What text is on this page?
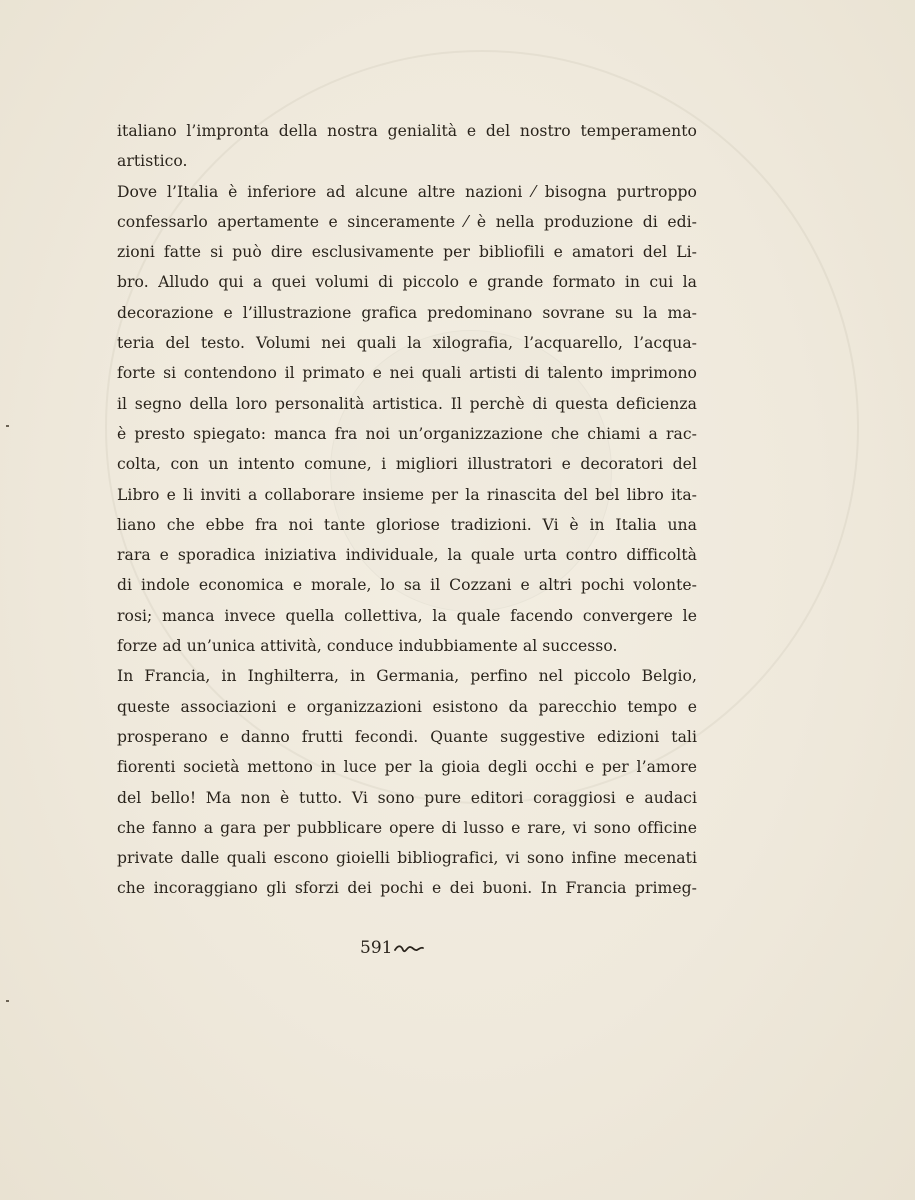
italiano l’impronta della nostra genialità e del nostro temperamento
artistico.
Dove l’Italia è inferiore ad alcune altre nazioni ⁄ bisogna purtroppo
confessarlo apertamente e sinceramente ⁄ è nella produzione di edi-
zioni fatte si può dire esclusivamente per bibliofili e amatori del Li-
bro. Alludo qui a quei volumi di piccolo e grande formato in cui la
decorazione e l’illustrazione grafica predominano sovrane su la ma-
teria del testo. Volumi nei quali la xilografia, l’acquarello, l’acqua-
forte si contendono il primato e nei quali artisti di talento imprimono
il segno della loro personalità artistica. Il perchè di questa deficienza
è presto spiegato: manca fra noi un’organizzazione che chiami a rac-
colta, con un intento comune, i migliori illustratori e decoratori del
Libro e li inviti a collaborare insieme per la rinascita del bel libro ita-
liano che ebbe fra noi tante gloriose tradizioni. Vi è in Italia una
rara e sporadica iniziativa individuale, la quale urta contro difficoltà
di indole economica e morale, lo sa il Cozzani e altri pochi volonte-
rosi; manca invece quella collettiva, la quale facendo convergere le
forze ad un’unica attività, conduce indubbiamente al successo.
In Francia, in Inghilterra, in Germania, perfino nel piccolo Belgio,
queste associazioni e organizzazioni esistono da parecchio tempo e
prosperano e danno frutti fecondi. Quante suggestive edizioni tali
fiorenti società mettono in luce per la gioia degli occhi e per l’amore
del bello! Ma non è tutto. Vi sono pure editori coraggiosi e audaci
che fanno a gara per pubblicare opere di lusso e rare, vi sono officine
private dalle quali escono gioielli bibliografici, vi sono infine mecenati
che incoraggiano gli sforzi dei pochi e dei buoni. In Francia primeg-
591
